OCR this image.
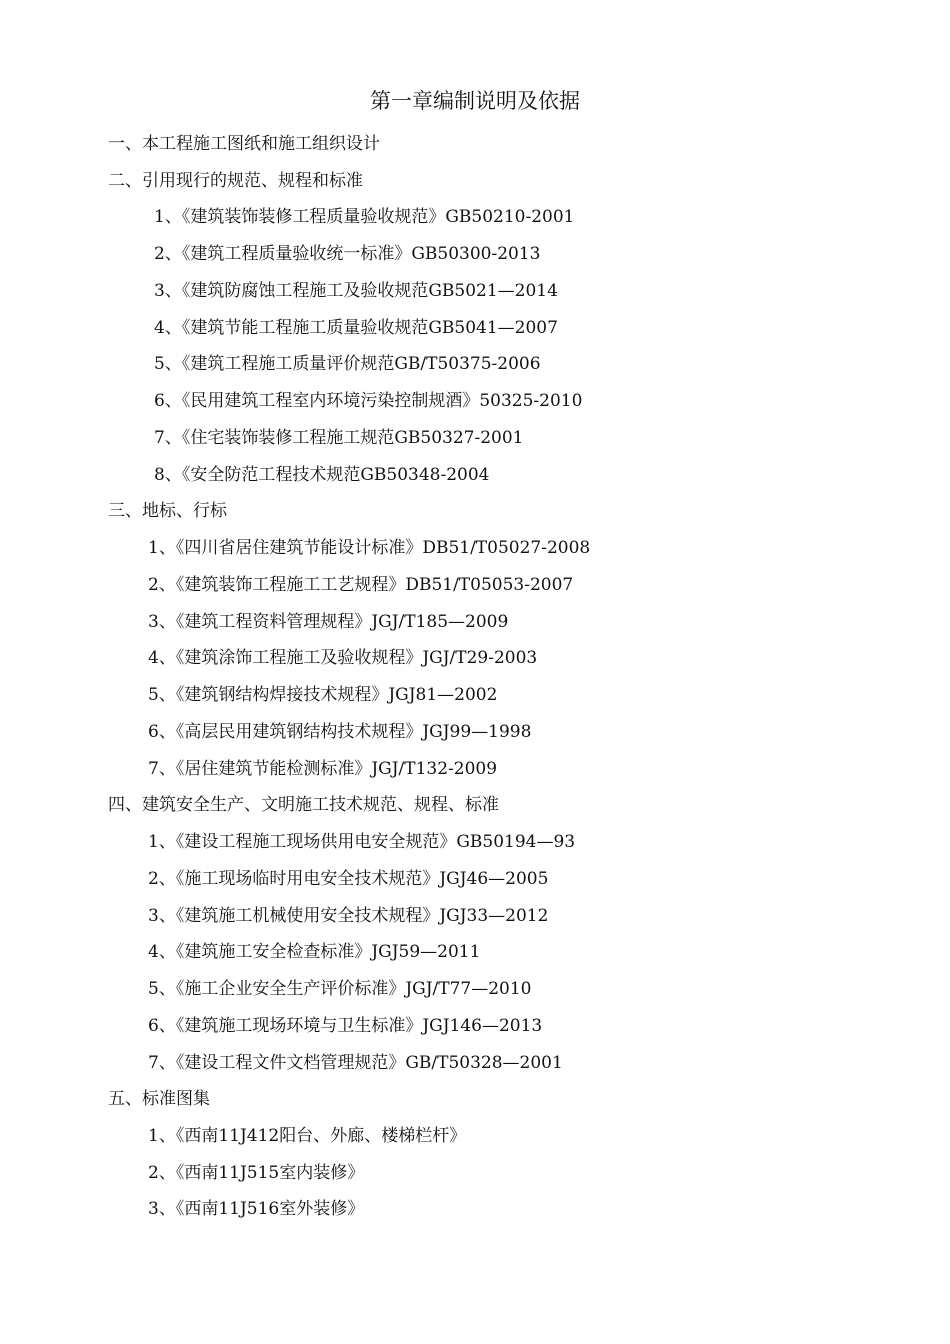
第一章编制说明及依据
一、本工程施工图纸和施工组织设计
二、引用现行的规范、规程和标准
1、《建筑装饰装修工程质量验收规范》GB50210-2001
2、《建筑工程质量验收统一标准》GB50300-2013
3、《建筑防腐蚀工程施工及验收规范GB5021—2014
4、《建筑节能工程施工质量验收规范GB5041—2007
5、《建筑工程施工质量评价规范GB/T50375-2006
6、《民用建筑工程室内环境污染控制规酒》50325-2010
7、《住宅装饰装修工程施工规范GB50327-2001
8、《安全防范工程技术规范GB50348-2004
三、地标、行标
1、《四川省居住建筑节能设计标准》DB51/T05027-2008
2、《建筑装饰工程施工工艺规程》DB51/T05053-2007
3、《建筑工程资料管理规程》JGJ/T185—2009
4、《建筑涂饰工程施工及验收规程》JGJ/T29-2003
5、《建筑钢结构焊接技术规程》JGJ81—2002
6、《高层民用建筑钢结构技术规程》JGJ99—1998
7、《居住建筑节能检测标准》JGJ/T132-2009
四、建筑安全生产、文明施工技术规范、规程、标准
1、《建设工程施工现场供用电安全规范》GB50194—93
2、《施工现场临时用电安全技术规范》JGJ46—2005
3、《建筑施工机械使用安全技术规程》JGJ33—2012
4、《建筑施工安全检查标准》JGJ59—2011
5、《施工企业安全生产评价标准》JGJ/T77—2010
6、《建筑施工现场环境与卫生标准》JGJ146—2013
7、《建设工程文件文档管理规范》GB/T50328—2001
五、标准图集
1、《西南11J412阳台、外廊、楼梯栏杆》
2、《西南11J515室内装修》
3、《西南11J516室外装修》
